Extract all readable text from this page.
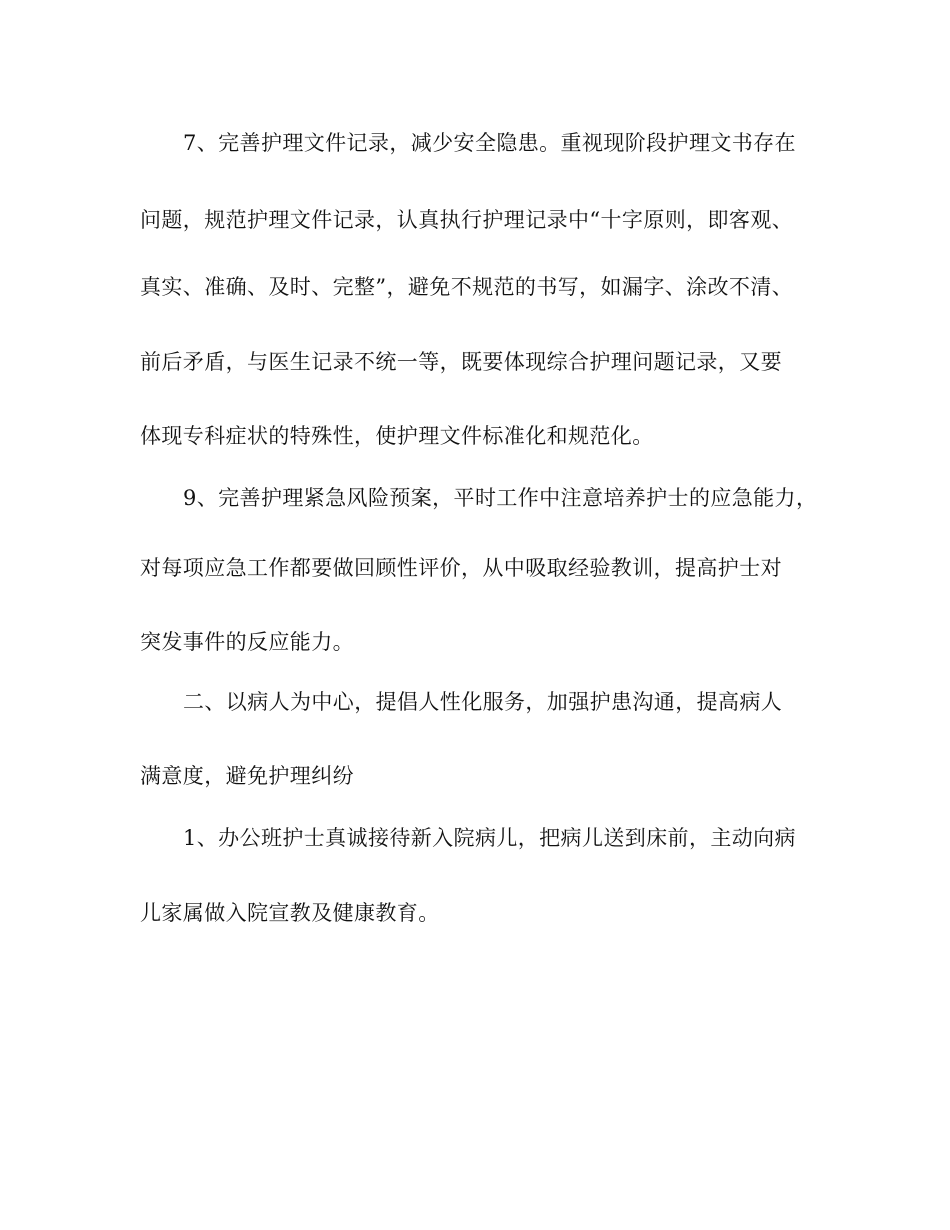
7、完善护理文件记录，减少安全隐患。重视现阶段护理文书存在
问题，规范护理文件记录，认真执行护理记录中“十字原则，即客观、
真实、准确、及时、完整”，避免不规范的书写，如漏字、涂改不清、
前后矛盾，与医生记录不统一等，既要体现综合护理问题记录，又要
体现专科症状的特殊性，使护理文件标准化和规范化。
9、完善护理紧急风险预案，平时工作中注意培养护士的应急能力，
对每项应急工作都要做回顾性评价，从中吸取经验教训，提高护士对
突发事件的反应能力。
二、以病人为中心，提倡人性化服务，加强护患沟通，提高病人
满意度，避免护理纠纷
1、办公班护士真诚接待新入院病儿，把病儿送到床前，主动向病
儿家属做入院宣教及健康教育。
